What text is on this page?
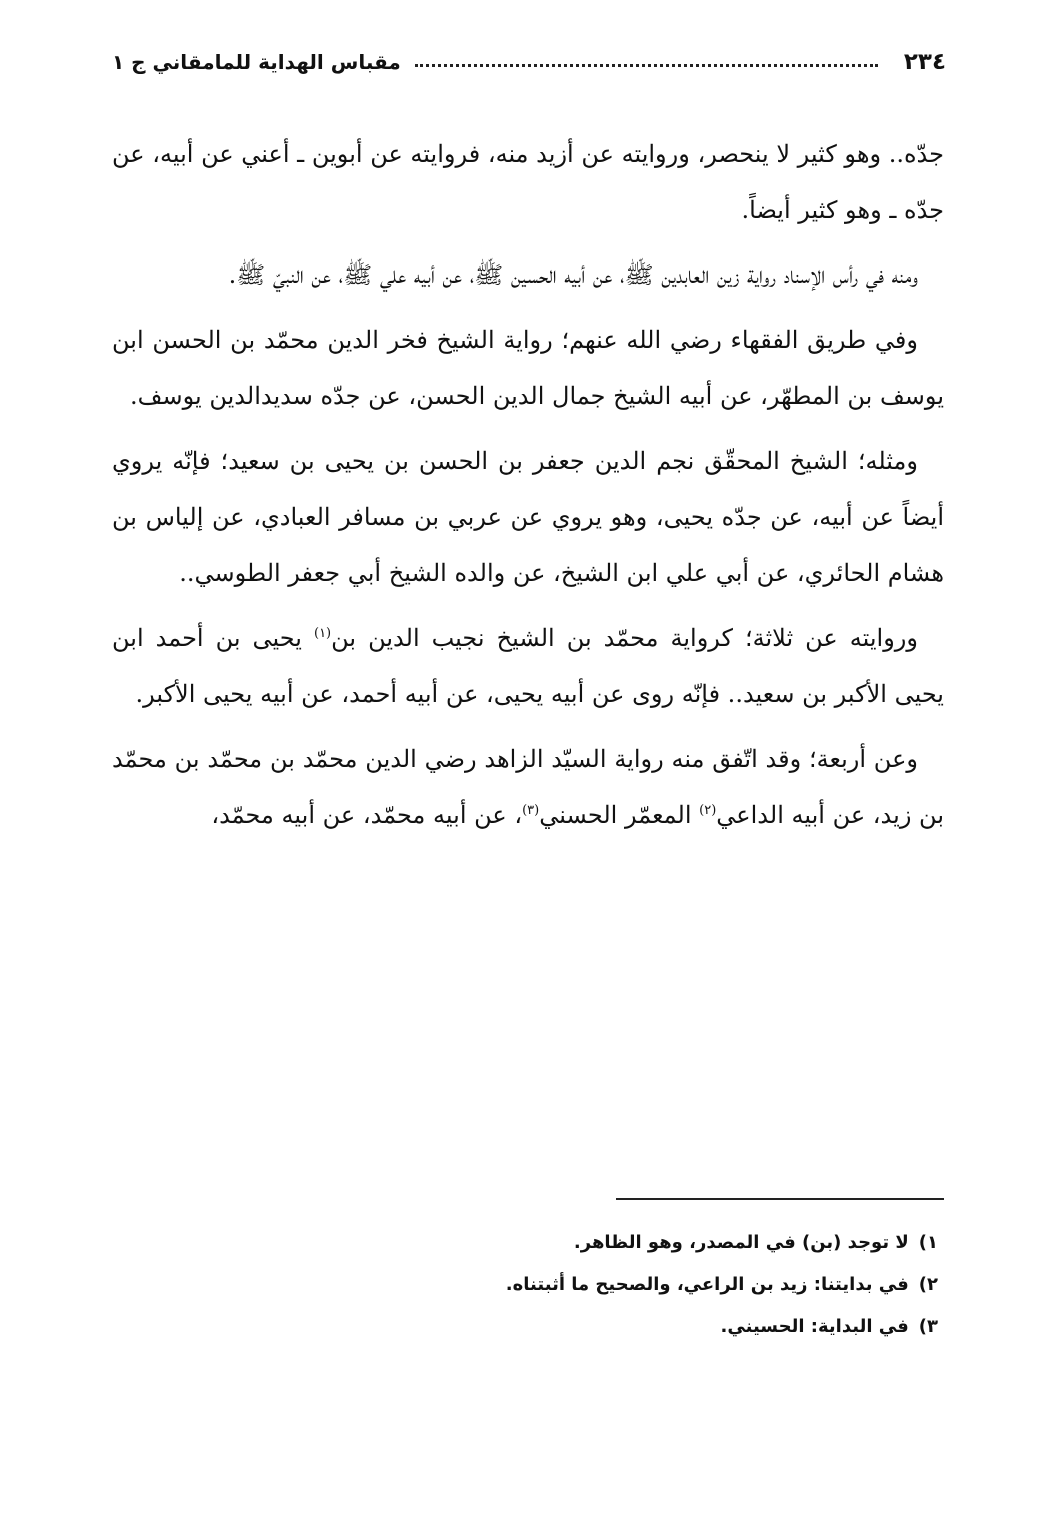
٢٣٤
مقباس الهداية للمامقاني ج ١

جدّه.. وهو كثير لا ينحصر، وروايته عن أزيد منه، فروايته عن أبوين ـ أعني عن أبيه، عن جدّه ـ وهو كثير أيضاً.

ومنه في رأس الإسناد رواية زين العابدين ﷺ، عن أبيه الحسين ﷺ، عن أبيه علي ﷺ، عن النبيّ ﷺ.

وفي طريق الفقهاء رضي الله عنهم؛ رواية الشيخ فخر الدين محمّد بن الحسن ابن يوسف بن المطهّر، عن أبيه الشيخ جمال الدين الحسن، عن جدّه سديدالدين يوسف.

ومثله؛ الشيخ المحقّق نجم الدين جعفر بن الحسن بن يحيى بن سعيد؛ فإنّه يروي أيضاً عن أبيه، عن جدّه يحيى، وهو يروي عن عربي بن مسافر العبادي، عن إلياس بن هشام الحائري، عن أبي علي ابن الشيخ، عن والده الشيخ أبي جعفر الطوسي..

وروايته عن ثلاثة؛ كرواية محمّد بن الشيخ نجيب الدين بن$^{(١)}$ يحيى بن أحمد ابن يحيى الأكبر بن سعيد.. فإنّه روى عن أبيه يحيى، عن أبيه أحمد، عن أبيه يحيى الأكبر.

وعن أربعة؛ وقد اتّفق منه رواية السيّد الزاهد رضي الدين محمّد بن محمّد بن محمّد بن زيد، عن أبيه الداعي$^{(٢)}$ المعمّر الحسني$^{(٣)}$، عن أبيه محمّد، عن أبيه محمّد،

١)
لا توجد (بن) في المصدر، وهو الظاهر.
٢)
في بدايتنا: زيد بن الراعي، والصحيح ما أثبتناه.
٣)
في البداية: الحسيني.
